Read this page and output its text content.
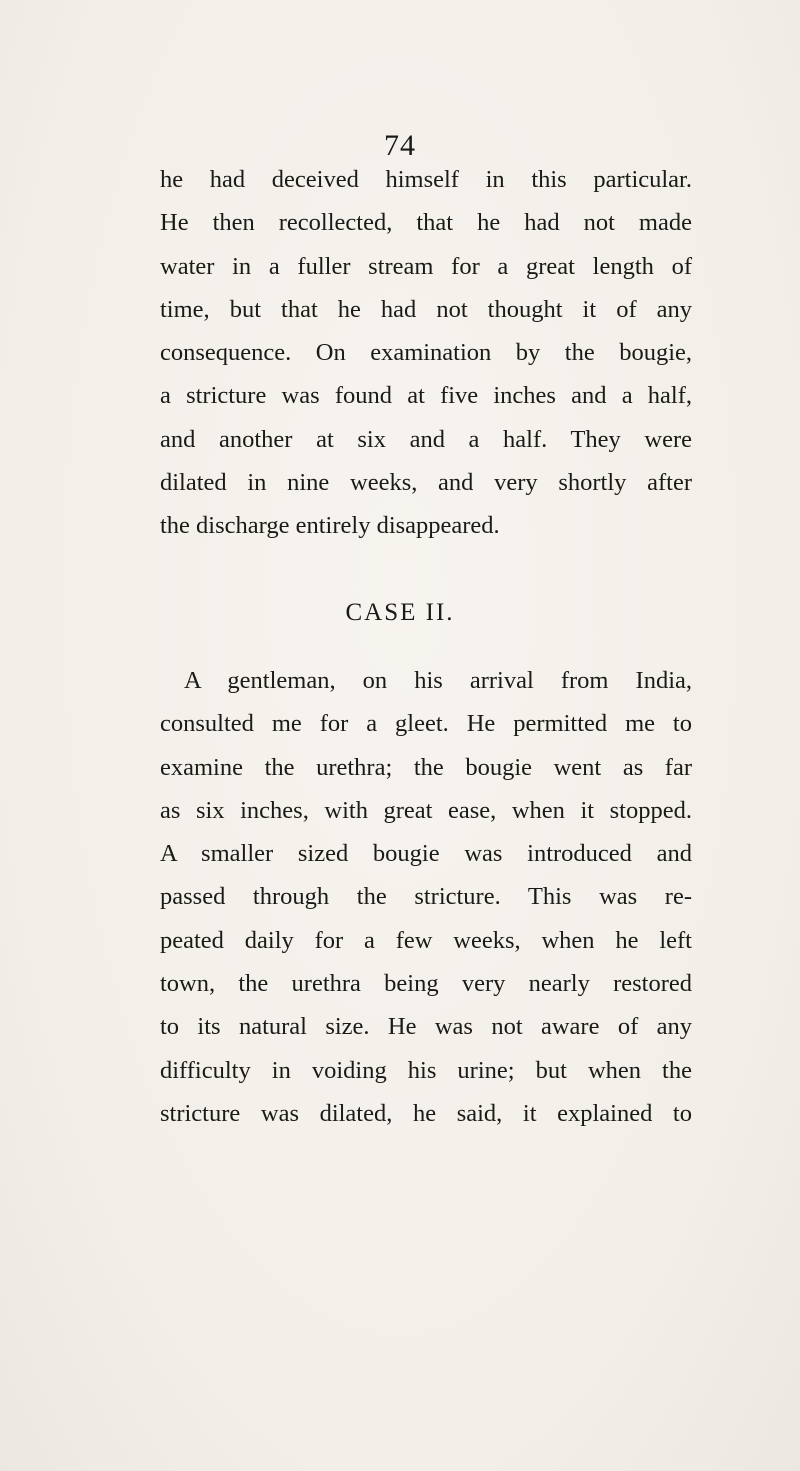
74
he had deceived himself in this particular.
He then recollected, that he had not made
water in a fuller stream for a great length of
time, but that he had not thought it of any
consequence. On examination by the bougie,
a stricture was found at five inches and a half,
and another at six and a half. They were
dilated in nine weeks, and very shortly after
the discharge entirely disappeared.
CASE II.
A gentleman, on his arrival from India,
consulted me for a gleet. He permitted me to
examine the urethra; the bougie went as far
as six inches, with great ease, when it stopped.
A smaller sized bougie was introduced and
passed through the stricture. This was re-
peated daily for a few weeks, when he left
town, the urethra being very nearly restored
to its natural size. He was not aware of any
difficulty in voiding his urine; but when the
stricture was dilated, he said, it explained to
